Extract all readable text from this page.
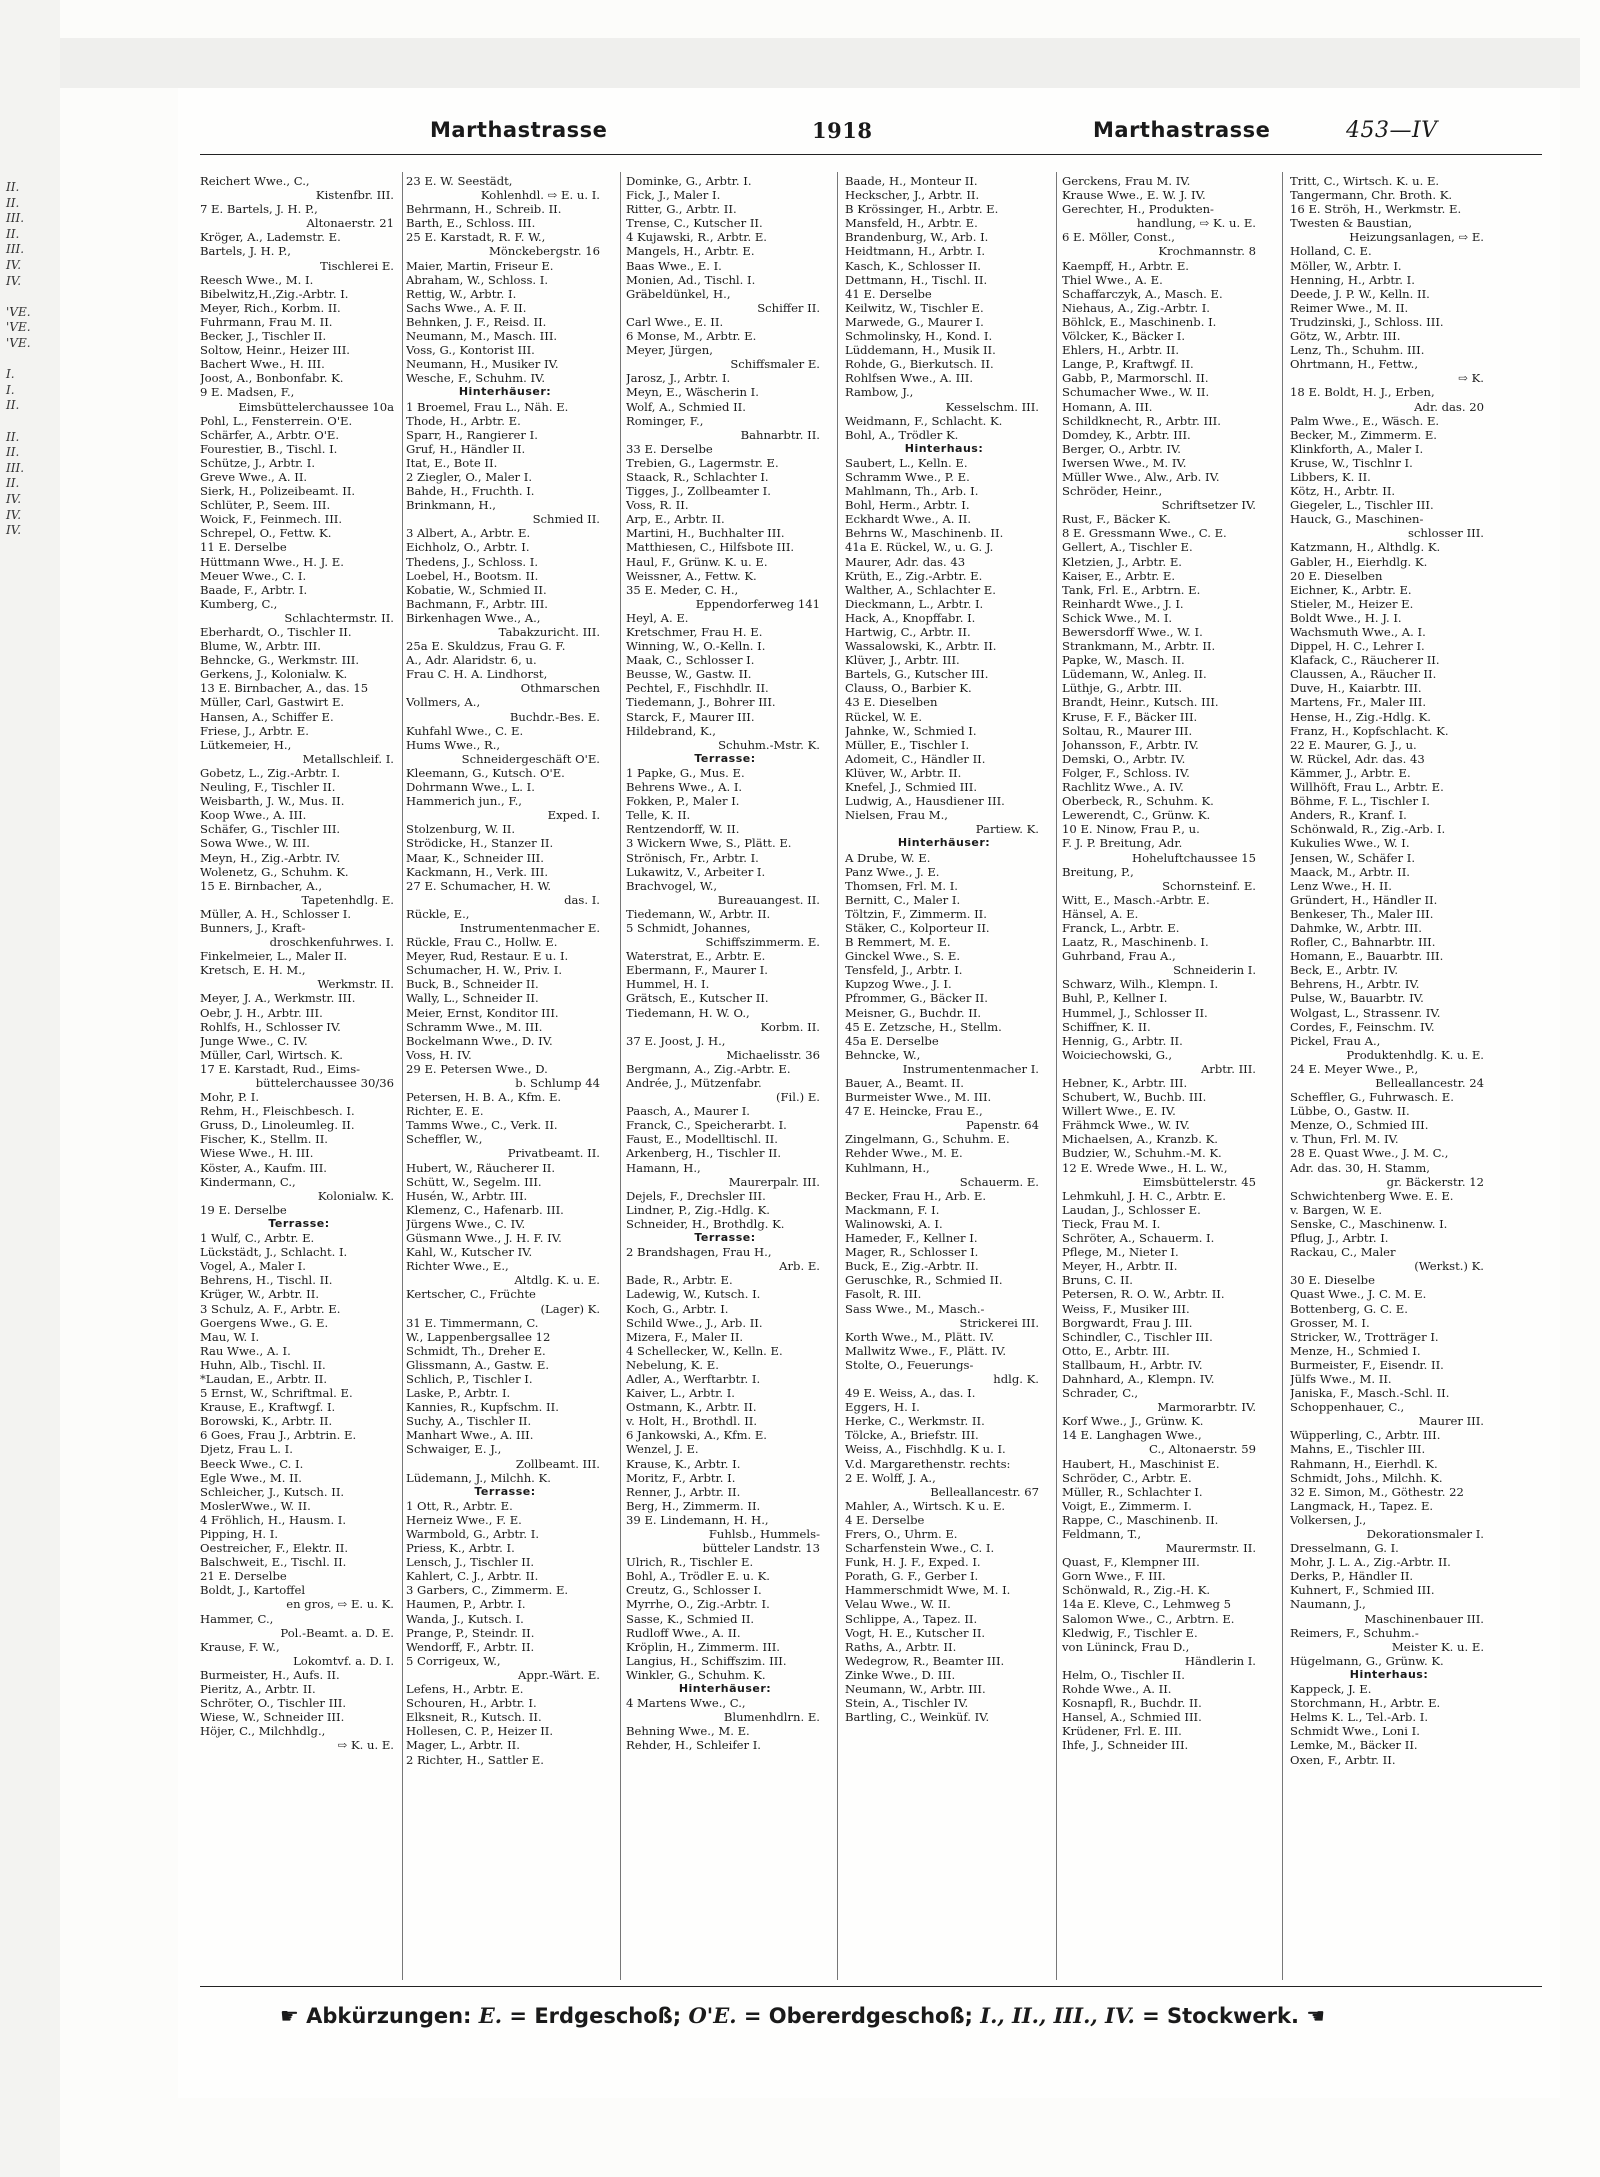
II.
II.
III.
II.
III.
IV.
IV.
'VE.
'VE.
'VE.
I.
I.
II.
II.
II.
III.
II.
IV.
IV.
IV.
Marthastrasse	1918	Marthastrasse	453—IV
Reichert Wwe., C.,
Kistenfbr. III.
7 E. Bartels, J. H. P.,
Altonaerstr. 21
Kröger, A., Lademstr. E.
Bartels, J. H. P.,
Tischlerei E.
Reesch Wwe., M. I.
Bibelwitz,H.,Zig.-Arbtr. I.
Meyer, Rich., Korbm. II.
Fuhrmann, Frau M. II.
Becker, J., Tischler II.
Soltow, Heinr., Heizer III.
Bachert Wwe., H. III.
Joost, A., Bonbonfabr. K.
9 E. Madsen, F.,
Eimsbüttelerchaussee 10a
Pohl, L., Fensterrein. O'E.
Schärfer, A., Arbtr. O'E.
Fourestier, B., Tischl. I.
Schütze, J., Arbtr. I.
Greve Wwe., A. II.
Sierk, H., Polizeibeamt. II.
Schlüter, P., Seem. III.
Woick, F., Feinmech. III.
Schrepel, O., Fettw. K.
11 E. Derselbe
Hüttmann Wwe., H. J. E.
Meuer Wwe., C. I.
Baade, F., Arbtr. I.
Kumberg, C.,
Schlachtermstr. II.
Eberhardt, O., Tischler II.
Blume, W., Arbtr. III.
Behncke, G., Werkmstr. III.
Gerkens, J., Kolonialw. K.
13 E. Birnbacher, A., das. 15
Müller, Carl, Gastwirt E.
Hansen, A., Schiffer E.
Friese, J., Arbtr. E.
Lütkemeier, H.,
Metallschleif. I.
Gobetz, L., Zig.-Arbtr. I.
Neuling, F., Tischler II.
Weisbarth, J. W., Mus. II.
Koop Wwe., A. III.
Schäfer, G., Tischler III.
Sowa Wwe., W. III.
Meyn, H., Zig.-Arbtr. IV.
Wolenetz, G., Schuhm. K.
15 E. Birnbacher, A.,
Tapetenhdlg. E.
Müller, A. H., Schlosser I.
Bunners, J., Kraft-
droschkenfuhrwes. I.
Finkelmeier, L., Maler II.
Kretsch, E. H. M.,
Werkmstr. II.
Meyer, J. A., Werkmstr. III.
Oebr, J. H., Arbtr. III.
Rohlfs, H., Schlosser IV.
Junge Wwe., C. IV.
Müller, Carl, Wirtsch. K.
17 E. Karstadt, Rud., Eims-
büttelerchaussee 30/36
Mohr, P. I.
Rehm, H., Fleischbesch. I.
Gruss, D., Linoleumleg. II.
Fischer, K., Stellm. II.
Wiese Wwe., H. III.
Köster, A., Kaufm. III.
Kindermann, C.,
Kolonialw. K.
19 E. Derselbe
Terrasse:
1 Wulf, C., Arbtr. E.
Lückstädt, J., Schlacht. I.
Vogel, A., Maler I.
Behrens, H., Tischl. II.
Krüger, W., Arbtr. II.
3 Schulz, A. F., Arbtr. E.
Goergens Wwe., G. E.
Mau, W. I.
Rau Wwe., A. I.
Huhn, Alb., Tischl. II.
*Laudan, E., Arbtr. II.
5 Ernst, W., Schriftmal. E.
Krause, E., Kraftwgf. I.
Borowski, K., Arbtr. II.
6 Goes, Frau J., Arbtrin. E.
Djetz, Frau L. I.
Beeck Wwe., C. I.
Egle Wwe., M. II.
Schleicher, J., Kutsch. II.
MoslerWwe., W. II.
4 Fröhlich, H., Hausm. I.
Pipping, H. I.
Oestreicher, F., Elektr. II.
Balschweit, E., Tischl. II.
21 E. Derselbe
Boldt, J., Kartoffel
en gros, ⇨ E. u. K.
Hammer, C.,
Pol.-Beamt. a. D. E.
Krause, F. W.,
Lokomtvf. a. D. I.
Burmeister, H., Aufs. II.
Pieritz, A., Arbtr. II.
Schröter, O., Tischler III.
Wiese, W., Schneider III.
Höjer, C., Milchhdlg.,
⇨ K. u. E.
23 E. W. Seestädt,
Kohlenhdl. ⇨ E. u. I.
Behrmann, H., Schreib. II.
Barth, E., Schloss. III.
25 E. Karstadt, R. F. W.,
Mönckebergstr. 16
Maier, Martin, Friseur E.
Abraham, W., Schloss. I.
Rettig, W., Arbtr. I.
Sachs Wwe., A. F. II.
Behnken, J. F., Reisd. II.
Neumann, M., Masch. III.
Voss, G., Kontorist III.
Neumann, H., Musiker IV.
Wesche, F., Schuhm. IV.
Hinterhäuser:
1 Broemel, Frau L., Näh. E.
Thode, H., Arbtr. E.
Sparr, H., Rangierer I.
Gruf, H., Händler II.
Itat, E., Bote II.
2 Ziegler, O., Maler I.
Bahde, H., Fruchth. I.
Brinkmann, H.,
Schmied II.
3 Albert, A., Arbtr. E.
Eichholz, O., Arbtr. I.
Thedens, J., Schloss. I.
Loebel, H., Bootsm. II.
Kobatie, W., Schmied II.
Bachmann, F., Arbtr. III.
Birkenhagen Wwe., A.,
Tabakzuricht. III.
25a E. Skuldzus, Frau G. F.
A., Adr. Alaridstr. 6, u.
Frau C. H. A. Lindhorst,
Othmarschen
Vollmers, A.,
Buchdr.-Bes. E.
Kuhfahl Wwe., C. E.
Hums Wwe., R.,
Schneidergeschäft O'E.
Kleemann, G., Kutsch. O'E.
Dohrmann Wwe., L. I.
Hammerich jun., F.,
Exped. I.
Stolzenburg, W. II.
Strödicke, H., Stanzer II.
Maar, K., Schneider III.
Kackmann, H., Verk. III.
27 E. Schumacher, H. W.
das. I.
Rückle, E.,
Instrumentenmacher E.
Rückle, Frau C., Hollw. E.
Meyer, Rud, Restaur. E u. I.
Schumacher, H. W., Priv. I.
Buck, B., Schneider II.
Wally, L., Schneider II.
Meier, Ernst, Konditor III.
Schramm Wwe., M. III.
Bockelmann Wwe., D. IV.
Voss, H. IV.
29 E. Petersen Wwe., D.
b. Schlump 44
Petersen, H. B. A., Kfm. E.
Richter, E. E.
Tamms Wwe., C., Verk. II.
Scheffler, W.,
Privatbeamt. II.
Hubert, W., Räucherer II.
Schütt, W., Segelm. III.
Husén, W., Arbtr. III.
Klemenz, C., Hafenarb. III.
Jürgens Wwe., C. IV.
Güsmann Wwe., J. H. F. IV.
Kahl, W., Kutscher IV.
Richter Wwe., E.,
Altdlg. K. u. E.
Kertscher, C., Früchte
(Lager) K.
31 E. Timmermann, C.
W., Lappenbergsallee 12
Schmidt, Th., Dreher E.
Glissmann, A., Gastw. E.
Schlich, P., Tischler I.
Laske, P., Arbtr. I.
Kannies, R., Kupfschm. II.
Suchy, A., Tischler II.
Manhart Wwe., A. III.
Schwaiger, E. J.,
Zollbeamt. III.
Lüdemann, J., Milchh. K.
Terrasse:
1 Ott, R., Arbtr. E.
Herneiz Wwe., F. E.
Warmbold, G., Arbtr. I.
Priess, K., Arbtr. I.
Lensch, J., Tischler II.
Kahlert, C. J., Arbtr. II.
3 Garbers, C., Zimmerm. E.
Haumen, P., Arbtr. I.
Wanda, J., Kutsch. I.
Prange, P., Steindr. II.
Wendorff, F., Arbtr. II.
5 Corrigeux, W.,
Appr.-Wärt. E.
Lefens, H., Arbtr. E.
Schouren, H., Arbtr. I.
Elksneit, R., Kutsch. II.
Hollesen, C. P., Heizer II.
Mager, L., Arbtr. II.
2 Richter, H., Sattler E.
Dominke, G., Arbtr. I.
Fick, J., Maler I.
Ritter, G., Arbtr. II.
Trense, C., Kutscher II.
4 Kujawski, R., Arbtr. E.
Mangels, H., Arbtr. E.
Baas Wwe., E. I.
Monien, Ad., Tischl. I.
Gräbeldünkel, H.,
Schiffer II.
Carl Wwe., E. II.
6 Monse, M., Arbtr. E.
Meyer, Jürgen,
Schiffsmaler E.
Jarosz, J., Arbtr. I.
Meyn, E., Wäscherin I.
Wolf, A., Schmied II.
Rominger, F.,
Bahnarbtr. II.
33 E. Derselbe
Trebien, G., Lagermstr. E.
Staack, R., Schlachter I.
Tigges, J., Zollbeamter I.
Voss, R. II.
Arp, E., Arbtr. II.
Martini, H., Buchhalter III.
Matthiesen, C., Hilfsbote III.
Haul, F., Grünw. K. u. E.
Weissner, A., Fettw. K.
35 E. Meder, C. H.,
Eppendorferweg 141
Heyl, A. E.
Kretschmer, Frau H. E.
Winning, W., O.-Kelln. I.
Maak, C., Schlosser I.
Beusse, W., Gastw. II.
Pechtel, F., Fischhdlr. II.
Tiedemann, J., Bohrer III.
Starck, F., Maurer III.
Hildebrand, K.,
Schuhm.-Mstr. K.
Terrasse:
1 Papke, G., Mus. E.
Behrens Wwe., A. I.
Fokken, P., Maler I.
Telle, K. II.
Rentzendorff, W. II.
3 Wickern Wwe, S., Plätt. E.
Strönisch, Fr., Arbtr. I.
Lukawitz, V., Arbeiter I.
Brachvogel, W.,
Bureauangest. II.
Tiedemann, W., Arbtr. II.
5 Schmidt, Johannes,
Schiffszimmerm. E.
Waterstrat, E., Arbtr. E.
Ebermann, F., Maurer I.
Hummel, H. I.
Grätsch, E., Kutscher II.
Tiedemann, H. W. O.,
Korbm. II.
37 E. Joost, J. H.,
Michaelisstr. 36
Bergmann, A., Zig.-Arbtr. E.
Andrée, J., Mützenfabr.
(Fil.) E.
Paasch, A., Maurer I.
Franck, C., Speicherarbt. I.
Faust, E., Modelltischl. II.
Arkenberg, H., Tischler II.
Hamann, H.,
Maurerpalr. III.
Dejels, F., Drechsler III.
Lindner, P., Zig.-Hdlg. K.
Schneider, H., Brothdlg. K.
Terrasse:
2 Brandshagen, Frau H.,
Arb. E.
Bade, R., Arbtr. E.
Ladewig, W., Kutsch. I.
Koch, G., Arbtr. I.
Schild Wwe., J., Arb. II.
Mizera, F., Maler II.
4 Schellecker, W., Kelln. E.
Nebelung, K. E.
Adler, A., Werftarbtr. I.
Kaiver, L., Arbtr. I.
Ostmann, K., Arbtr. II.
v. Holt, H., Brothdl. II.
6 Jankowski, A., Kfm. E.
Wenzel, J. E.
Krause, K., Arbtr. I.
Moritz, F., Arbtr. I.
Renner, J., Arbtr. II.
Berg, H., Zimmerm. II.
39 E. Lindemann, H. H.,
Fuhlsb., Hummels-
bütteler Landstr. 13
Ulrich, R., Tischler E.
Bohl, A., Trödler E. u. K.
Creutz, G., Schlosser I.
Myrrhe, O., Zig.-Arbtr. I.
Sasse, K., Schmied II.
Rudloff Wwe., A. II.
Kröplin, H., Zimmerm. III.
Langius, H., Schiffszim. III.
Winkler, G., Schuhm. K.
Hinterhäuser:
4 Martens Wwe., C.,
Blumenhdlrn. E.
Behning Wwe., M. E.
Rehder, H., Schleifer I.
Baade, H., Monteur II.
Heckscher, J., Arbtr. II.
B Krössinger, H., Arbtr. E.
Mansfeld, H., Arbtr. E.
Brandenburg, W., Arb. I.
Heidtmann, H., Arbtr. I.
Kasch, K., Schlosser II.
Dettmann, H., Tischl. II.
41 E. Derselbe
Keilwitz, W., Tischler E.
Marwede, G., Maurer I.
Schmolinsky, H., Kond. I.
Lüddemann, H., Musik II.
Rohde, G., Bierkutsch. II.
Rohlfsen Wwe., A. III.
Rambow, J.,
Kesselschm. III.
Weidmann, F., Schlacht. K.
Bohl, A., Trödler K.
Hinterhaus:
Saubert, L., Kelln. E.
Schramm Wwe., P. E.
Mahlmann, Th., Arb. I.
Bohl, Herm., Arbtr. I.
Eckhardt Wwe., A. II.
Behrns W., Maschinenb. II.
41a E. Rückel, W., u. G. J.
Maurer, Adr. das. 43
Krüth, E., Zig.-Arbtr. E.
Walther, A., Schlachter E.
Dieckmann, L., Arbtr. I.
Hack, A., Knopffabr. I.
Hartwig, C., Arbtr. II.
Wassalowski, K., Arbtr. II.
Klüver, J., Arbtr. III.
Bartels, G., Kutscher III.
Clauss, O., Barbier K.
43 E. Dieselben
Rückel, W. E.
Jahnke, W., Schmied I.
Müller, E., Tischler I.
Adomeit, C., Händler II.
Klüver, W., Arbtr. II.
Knefel, J., Schmied III.
Ludwig, A., Hausdiener III.
Nielsen, Frau M.,
Partiew. K.
Hinterhäuser:
A Drube, W. E.
Panz Wwe., J. E.
Thomsen, Frl. M. I.
Bernitt, C., Maler I.
Töltzin, F., Zimmerm. II.
Stäker, C., Kolporteur II.
B Remmert, M. E.
Ginckel Wwe., S. E.
Tensfeld, J., Arbtr. I.
Kupzog Wwe., J. I.
Pfrommer, G., Bäcker II.
Meisner, G., Buchdr. II.
45 E. Zetzsche, H., Stellm.
45a E. Derselbe
Behncke, W.,
Instrumentenmacher I.
Bauer, A., Beamt. II.
Burmeister Wwe., M. III.
47 E. Heincke, Frau E.,
Papenstr. 64
Zingelmann, G., Schuhm. E.
Rehder Wwe., M. E.
Kuhlmann, H.,
Schauerm. E.
Becker, Frau H., Arb. E.
Mackmann, F. I.
Walinowski, A. I.
Hameder, F., Kellner I.
Mager, R., Schlosser I.
Buck, E., Zig.-Arbtr. II.
Geruschke, R., Schmied II.
Fasolt, R. III.
Sass Wwe., M., Masch.-
Strickerei III.
Korth Wwe., M., Plätt. IV.
Mallwitz Wwe., F., Plätt. IV.
Stolte, O., Feuerungs-
hdlg. K.
49 E. Weiss, A., das. I.
Eggers, H. I.
Herke, C., Werkmstr. II.
Tölcke, A., Briefstr. III.
Weiss, A., Fischhdlg. K u. I.
V.d. Margarethenstr. rechts:
2 E. Wolff, J. A.,
Belleallancestr. 67
Mahler, A., Wirtsch. K u. E.
4 E. Derselbe
Frers, O., Uhrm. E.
Scharfenstein Wwe., C. I.
Funk, H. J. F., Exped. I.
Porath, G. F., Gerber I.
Hammerschmidt Wwe, M. I.
Velau Wwe., W. II.
Schlippe, A., Tapez. II.
Vogt, H. E., Kutscher II.
Raths, A., Arbtr. II.
Wedegrow, R., Beamter III.
Zinke Wwe., D. III.
Neumann, W., Arbtr. III.
Stein, A., Tischler IV.
Bartling, C., Weinküf. IV.
Gerckens, Frau M. IV.
Krause Wwe., E. W. J. IV.
Gerechter, H., Produkten-
handlung, ⇨ K. u. E.
6 E. Möller, Const.,
Krochmannstr. 8
Kaempff, H., Arbtr. E.
Thiel Wwe., A. E.
Schaffarczyk, A., Masch. E.
Niehaus, A., Zig.-Arbtr. I.
Böhlck, E., Maschinenb. I.
Völcker, K., Bäcker I.
Ehlers, H., Arbtr. II.
Lange, P., Kraftwgf. II.
Gabb, P., Marmorschl. II.
Schumacher Wwe., W. II.
Homann, A. III.
Schildknecht, R., Arbtr. III.
Domdey, K., Arbtr. III.
Berger, O., Arbtr. IV.
Iwersen Wwe., M. IV.
Müller Wwe., Alw., Arb. IV.
Schröder, Heinr.,
Schriftsetzer IV.
Rust, F., Bäcker K.
8 E. Gressmann Wwe., C. E.
Gellert, A., Tischler E.
Kletzien, J., Arbtr. E.
Kaiser, E., Arbtr. E.
Tank, Frl. E., Arbtrn. E.
Reinhardt Wwe., J. I.
Schick Wwe., M. I.
Bewersdorff Wwe., W. I.
Strankmann, M., Arbtr. II.
Papke, W., Masch. II.
Lüdemann, W., Anleg. II.
Lüthje, G., Arbtr. III.
Brandt, Heinr., Kutsch. III.
Kruse, F. F., Bäcker III.
Soltau, R., Maurer III.
Johansson, F., Arbtr. IV.
Demski, O., Arbtr. IV.
Folger, F., Schloss. IV.
Rachlitz Wwe., A. IV.
Oberbeck, R., Schuhm. K.
Lewerendt, C., Grünw. K.
10 E. Ninow, Frau P., u.
F. J. P. Breitung, Adr.
Hoheluftchaussee 15
Breitung, P.,
Schornsteinf. E.
Witt, E., Masch.-Arbtr. E.
Hänsel, A. E.
Franck, L., Arbtr. E.
Laatz, R., Maschinenb. I.
Guhrband, Frau A.,
Schneiderin I.
Schwarz, Wilh., Klempn. I.
Buhl, P., Kellner I.
Hummel, J., Schlosser II.
Schiffner, K. II.
Hennig, G., Arbtr. II.
Woiciechowski, G.,
Arbtr. III.
Hebner, K., Arbtr. III.
Schubert, W., Buchb. III.
Willert Wwe., E. IV.
Frähmck Wwe., W. IV.
Michaelsen, A., Kranzb. K.
Budzier, W., Schuhm.-M. K.
12 E. Wrede Wwe., H. L. W.,
Eimsbüttelerstr. 45
Lehmkuhl, J. H. C., Arbtr. E.
Laudan, J., Schlosser E.
Tieck, Frau M. I.
Schröter, A., Schauerm. I.
Pflege, M., Nieter I.
Meyer, H., Arbtr. II.
Bruns, C. II.
Petersen, R. O. W., Arbtr. II.
Weiss, F., Musiker III.
Borgwardt, Frau J. III.
Schindler, C., Tischler III.
Otto, E., Arbtr. III.
Stallbaum, H., Arbtr. IV.
Dahnhard, A., Klempn. IV.
Schrader, C.,
Marmorarbtr. IV.
Korf Wwe., J., Grünw. K.
14 E. Langhagen Wwe.,
C., Altonaerstr. 59
Haubert, H., Maschinist E.
Schröder, C., Arbtr. E.
Müller, R., Schlachter I.
Voigt, E., Zimmerm. I.
Rappe, C., Maschinenb. II.
Feldmann, T.,
Maurermstr. II.
Quast, F., Klempner III.
Gorn Wwe., F. III.
Schönwald, R., Zig.-H. K.
14a E. Kleve, C., Lehmweg 5
Salomon Wwe., C., Arbtrn. E.
Kledwig, F., Tischler E.
von Lüninck, Frau D.,
Händlerin I.
Helm, O., Tischler II.
Rohde Wwe., A. II.
Kosnapfl, R., Buchdr. II.
Hansel, A., Schmied III.
Krüdener, Frl. E. III.
Ihfe, J., Schneider III.
Tritt, C., Wirtsch. K. u. E.
Tangermann, Chr. Broth. K.
16 E. Ströh, H., Werkmstr. E.
Twesten & Baustian,
Heizungsanlagen, ⇨ E.
Holland, C. E.
Möller, W., Arbtr. I.
Henning, H., Arbtr. I.
Deede, J. P. W., Kelln. II.
Reimer Wwe., M. II.
Trudzinski, J., Schloss. III.
Götz, W., Arbtr. III.
Lenz, Th., Schuhm. III.
Ohrtmann, H., Fettw.,
⇨ K.
18 E. Boldt, H. J., Erben,
Adr. das. 20
Palm Wwe., E., Wäsch. E.
Becker, M., Zimmerm. E.
Klinkforth, A., Maler I.
Kruse, W., Tischlnr I.
Libbers, K. II.
Kötz, H., Arbtr. II.
Giegeler, L., Tischler III.
Hauck, G., Maschinen-
schlosser III.
Katzmann, H., Althdlg. K.
Gabler, H., Eierhdlg. K.
20 E. Dieselben
Eichner, K., Arbtr. E.
Stieler, M., Heizer E.
Boldt Wwe., H. J. I.
Wachsmuth Wwe., A. I.
Dippel, H. C., Lehrer I.
Klafack, C., Räucherer II.
Claussen, A., Räucher II.
Duve, H., Kaiarbtr. III.
Martens, Fr., Maler III.
Hense, H., Zig.-Hdlg. K.
Franz, H., Kopfschlacht. K.
22 E. Maurer, G. J., u.
W. Rückel, Adr. das. 43
Kämmer, J., Arbtr. E.
Willhöft, Frau L., Arbtr. E.
Böhme, F. L., Tischler I.
Anders, R., Kranf. I.
Schönwald, R., Zig.-Arb. I.
Kukulies Wwe., W. I.
Jensen, W., Schäfer I.
Maack, M., Arbtr. II.
Lenz Wwe., H. II.
Gründert, H., Händler II.
Benkeser, Th., Maler III.
Dahmke, W., Arbtr. III.
Rofler, C., Bahnarbtr. III.
Homann, E., Bauarbtr. III.
Beck, E., Arbtr. IV.
Behrens, H., Arbtr. IV.
Pulse, W., Bauarbtr. IV.
Wolgast, L., Strassenr. IV.
Cordes, F., Feinschm. IV.
Pickel, Frau A.,
Produktenhdlg. K. u. E.
24 E. Meyer Wwe., P.,
Belleallancestr. 24
Scheffler, G., Fuhrwasch. E.
Lübbe, O., Gastw. II.
Menze, O., Schmied III.
v. Thun, Frl. M. IV.
28 E. Quast Wwe., J. M. C.,
Adr. das. 30, H. Stamm,
gr. Bäckerstr. 12
Schwichtenberg Wwe. E. E.
v. Bargen, W. E.
Senske, C., Maschinenw. I.
Pflug, J., Arbtr. I.
Rackau, C., Maler
(Werkst.) K.
30 E. Dieselbe
Quast Wwe., J. C. M. E.
Bottenberg, G. C. E.
Grosser, M. I.
Stricker, W., Trotträger I.
Menze, H., Schmied I.
Burmeister, F., Eisendr. II.
Jülfs Wwe., M. II.
Janiska, F., Masch.-Schl. II.
Schoppenhauer, C.,
Maurer III.
Wüpperling, C., Arbtr. III.
Mahns, E., Tischler III.
Rahmann, H., Eierhdl. K.
Schmidt, Johs., Milchh. K.
32 E. Simon, M., Göthestr. 22
Langmack, H., Tapez. E.
Volkersen, J.,
Dekorationsmaler I.
Dresselmann, G. I.
Mohr, J. L. A., Zig.-Arbtr. II.
Derks, P., Händler II.
Kuhnert, F., Schmied III.
Naumann, J.,
Maschinenbauer III.
Reimers, F., Schuhm.-
Meister K. u. E.
Hügelmann, G., Grünw. K.
Hinterhaus:
Kappeck, J. E.
Storchmann, H., Arbtr. E.
Helms K. L., Tel.-Arb. I.
Schmidt Wwe., Loni I.
Lemke, M., Bäcker II.
Oxen, F., Arbtr. II.
☛ Abkürzungen: E. = Erdgeschoß; O'E. = Obererdgeschoß; I., II., III., IV. = Stockwerk. ☚
